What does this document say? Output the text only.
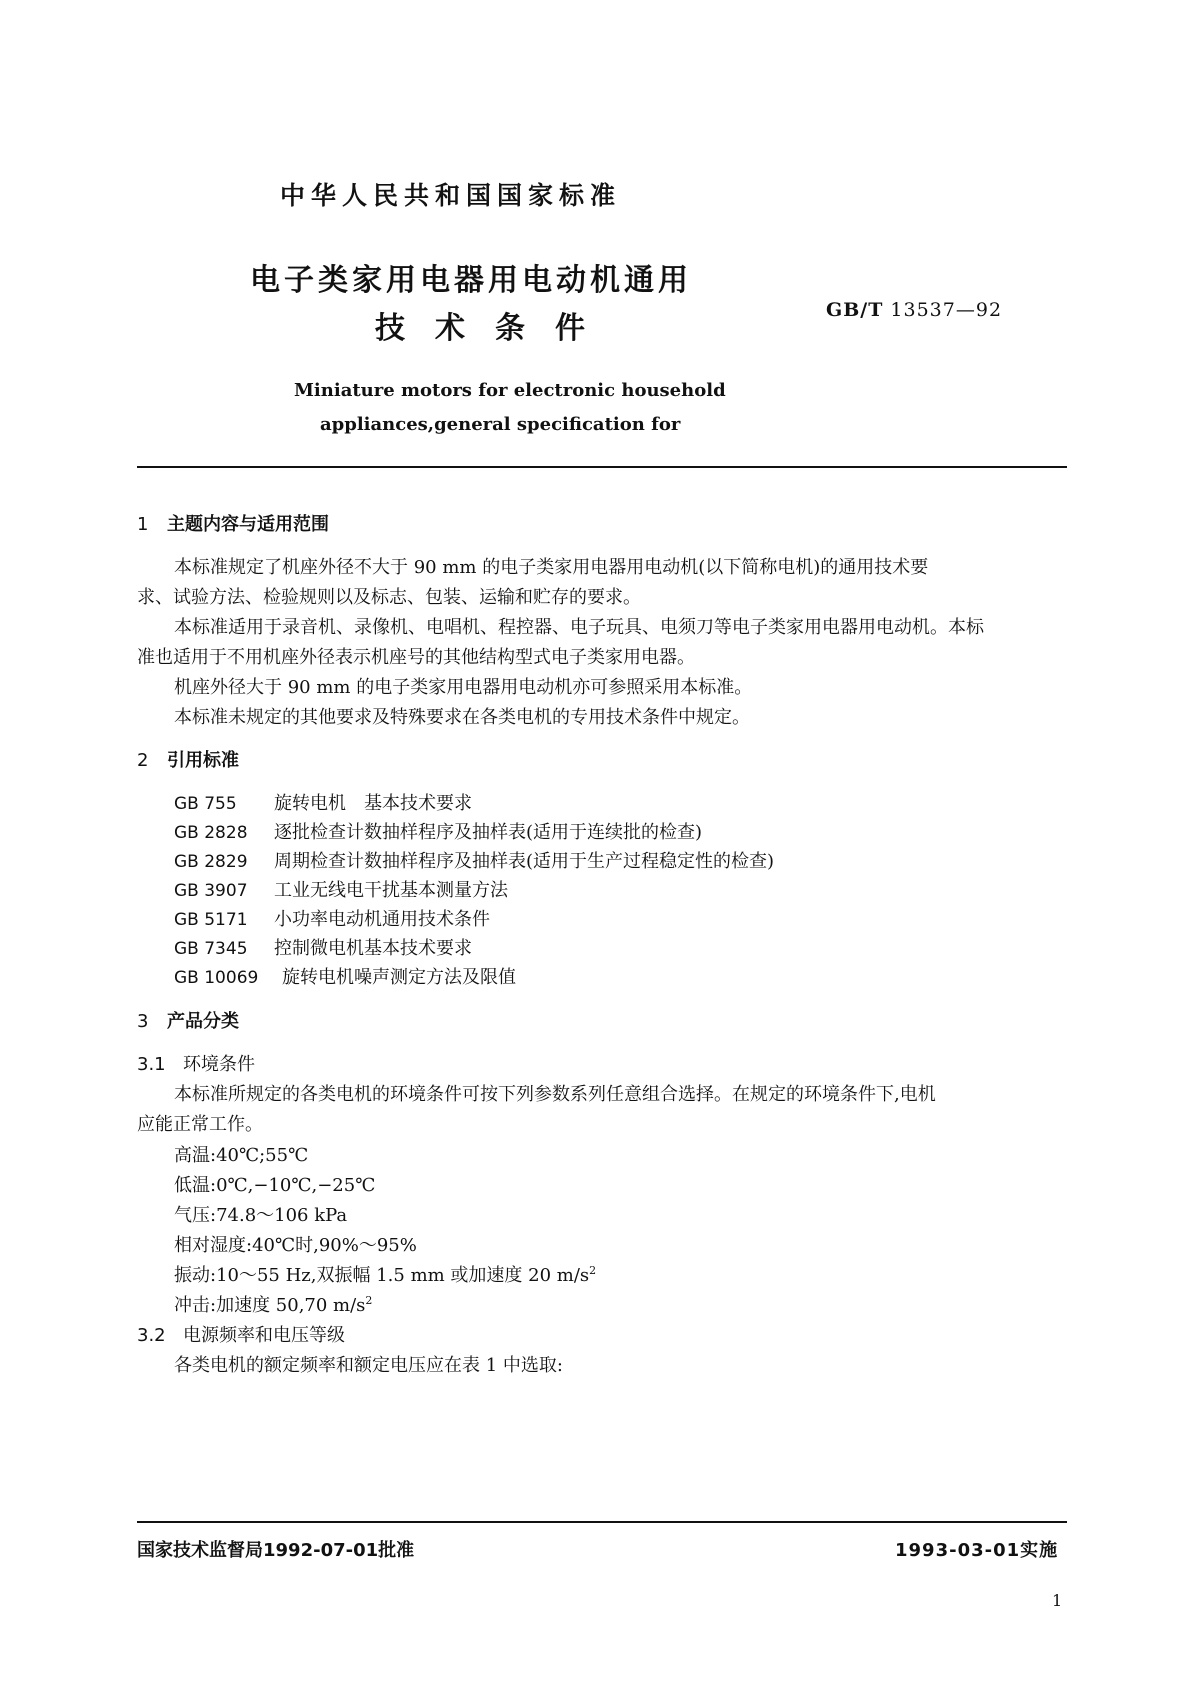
中华人民共和国国家标准
电子类家用电器用电动机通用
技术条件
GB/T 13537—92
Miniature motors for electronic household
appliances,general specification for
1 主题内容与适用范围
本标准规定了机座外径不大于 90 mm 的电子类家用电器用电动机(以下简称电机)的通用技术要
求、试验方法、检验规则以及标志、包装、运输和贮存的要求。
本标准适用于录音机、录像机、电唱机、程控器、电子玩具、电须刀等电子类家用电器用电动机。本标
准也适用于不用机座外径表示机座号的其他结构型式电子类家用电器。
机座外径大于 90 mm 的电子类家用电器用电动机亦可参照采用本标准。
本标准未规定的其他要求及特殊要求在各类电机的专用技术条件中规定。
2 引用标准
GB 755 旋转电机　基本技术要求
GB 2828 逐批检查计数抽样程序及抽样表(适用于连续批的检查)
GB 2829 周期检查计数抽样程序及抽样表(适用于生产过程稳定性的检查)
GB 3907 工业无线电干扰基本测量方法
GB 5171 小功率电动机通用技术条件
GB 7345 控制微电机基本技术要求
GB 10069 旋转电机噪声测定方法及限值
3 产品分类
3.1 环境条件
本标准所规定的各类电机的环境条件可按下列参数系列任意组合选择。在规定的环境条件下,电机
应能正常工作。
高温:40℃;55℃
低温:0℃,−10℃,−25℃
气压:74.8～106 kPa
相对湿度:40℃时,90%～95%
振动:10～55 Hz,双振幅 1.5 mm 或加速度 20 $m/s^2$
冲击:加速度 50,70 $m/s^2$
3.2 电源频率和电压等级
各类电机的额定频率和额定电压应在表 1 中选取:
国家技术监督局1992-07-01批准	1993-03-01实施
1
